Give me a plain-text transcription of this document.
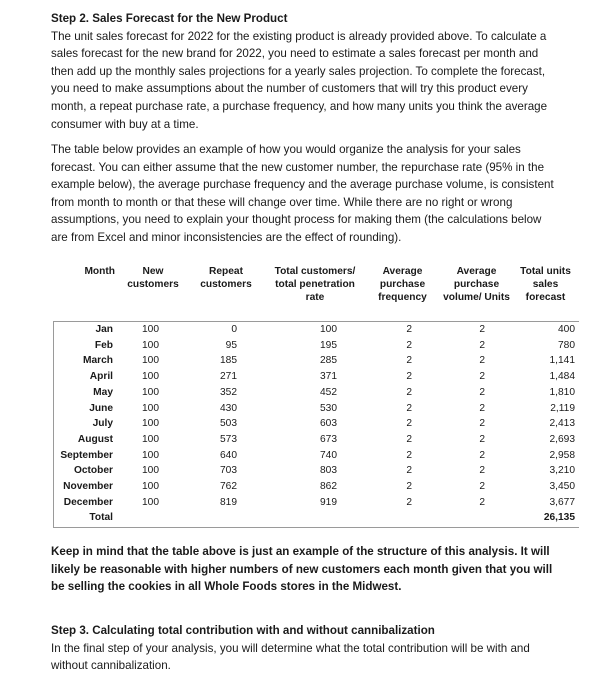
Step 2. Sales Forecast for the New Product
The unit sales forecast for 2022 for the existing product is already provided above. To calculate a sales forecast for the new brand for 2022, you need to estimate a sales forecast per month and then add up the monthly sales projections for a yearly sales projection. To complete the forecast, you need to make assumptions about the number of customers that will try this product every month, a repeat purchase rate, a purchase frequency, and how many units you think the average consumer with buy at a time.

The table below provides an example of how you would organize the analysis for your sales forecast. You can either assume that the new customer number, the repurchase rate (95% in the example below), the average purchase frequency and the average purchase volume, is consistent from month to month or that these will change over time. While there are no right or wrong assumptions, you need to explain your thought process for making them (the calculations below are from Excel and minor inconsistencies are the effect of rounding).

Month	New customers	Repeat customers	Total customers/ total penetration rate	Average purchase frequency	Average purchase volume/ Units	Total units sales forecast
Jan	100	0	100	2	2	400
Feb	100	95	195	2	2	780
March	100	185	285	2	2	1,141
April	100	271	371	2	2	1,484
May	100	352	452	2	2	1,810
June	100	430	530	2	2	2,119
July	100	503	603	2	2	2,413
August	100	573	673	2	2	2,693
September	100	640	740	2	2	2,958
October	100	703	803	2	2	3,210
November	100	762	862	2	2	3,450
December	100	819	919	2	2	3,677
Total						26,135

Keep in mind that the table above is just an example of the structure of this analysis. It will likely be reasonable with higher numbers of new customers each month given that you will be selling the cookies in all Whole Foods stores in the Midwest.

Step 3. Calculating total contribution with and without cannibalization
In the final step of your analysis, you will determine what the total contribution will be with and without cannibalization.
